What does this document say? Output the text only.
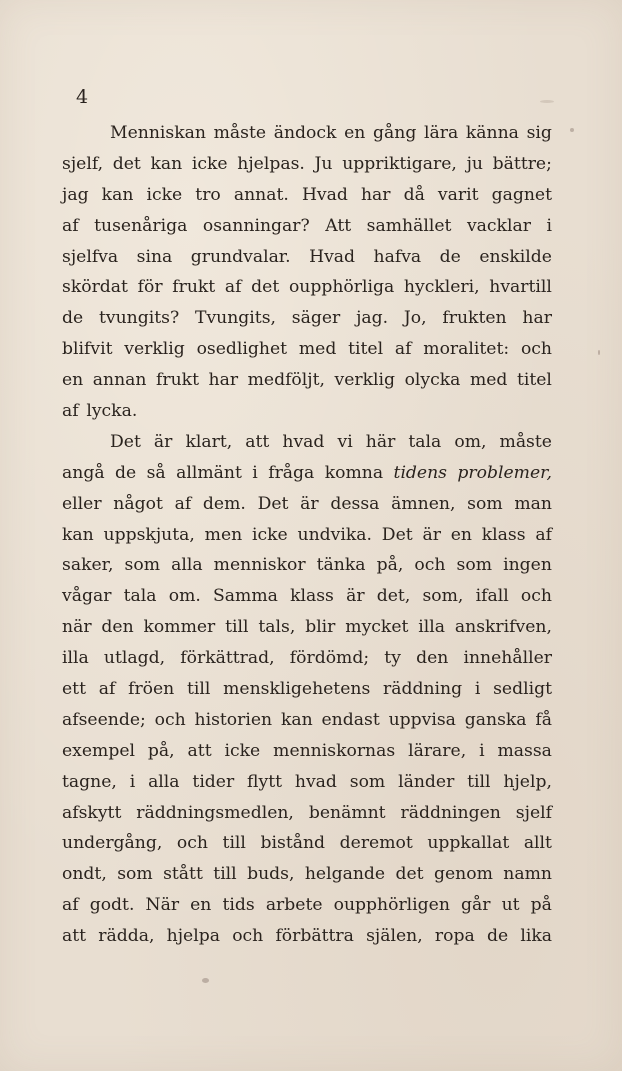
4
Menniskan måste ändock en gång lära känna sig
sjelf, det kan icke hjelpas. Ju uppriktigare, ju bättre;
jag kan icke tro annat. Hvad har då varit gagnet
af tusenåriga osanningar? Att samhället vacklar i
sjelfva sina grundvalar. Hvad hafva de enskilde
skördat för frukt af det oupphörliga hyckleri, hvartill
de tvungits? Tvungits, säger jag. Jo, frukten har
blifvit verklig osedlighet med titel af moralitet: och
en annan frukt har medföljt, verklig olycka med titel
af lycka.
Det är klart, att hvad vi här tala om, måste
angå de så allmänt i fråga komna tidens problemer,
eller något af dem. Det är dessa ämnen, som man
kan uppskjuta, men icke undvika. Det är en klass af
saker, som alla menniskor tänka på, och som ingen
vågar tala om. Samma klass är det, som, ifall och
när den kommer till tals, blir mycket illa anskrifven,
illa utlagd, förkättrad, fördömd; ty den innehåller
ett af fröen till menskligehetens räddning i sedligt
afseende; och historien kan endast uppvisa ganska få
exempel på, att icke menniskornas lärare, i massa
tagne, i alla tider flytt hvad som länder till hjelp,
afskytt räddningsmedlen, benämnt räddningen sjelf
undergång, och till bistånd deremot uppkallat allt
ondt, som stått till buds, helgande det genom namn
af godt. När en tids arbete oupphörligen går ut på
att rädda, hjelpa och förbättra själen, ropa de lika
